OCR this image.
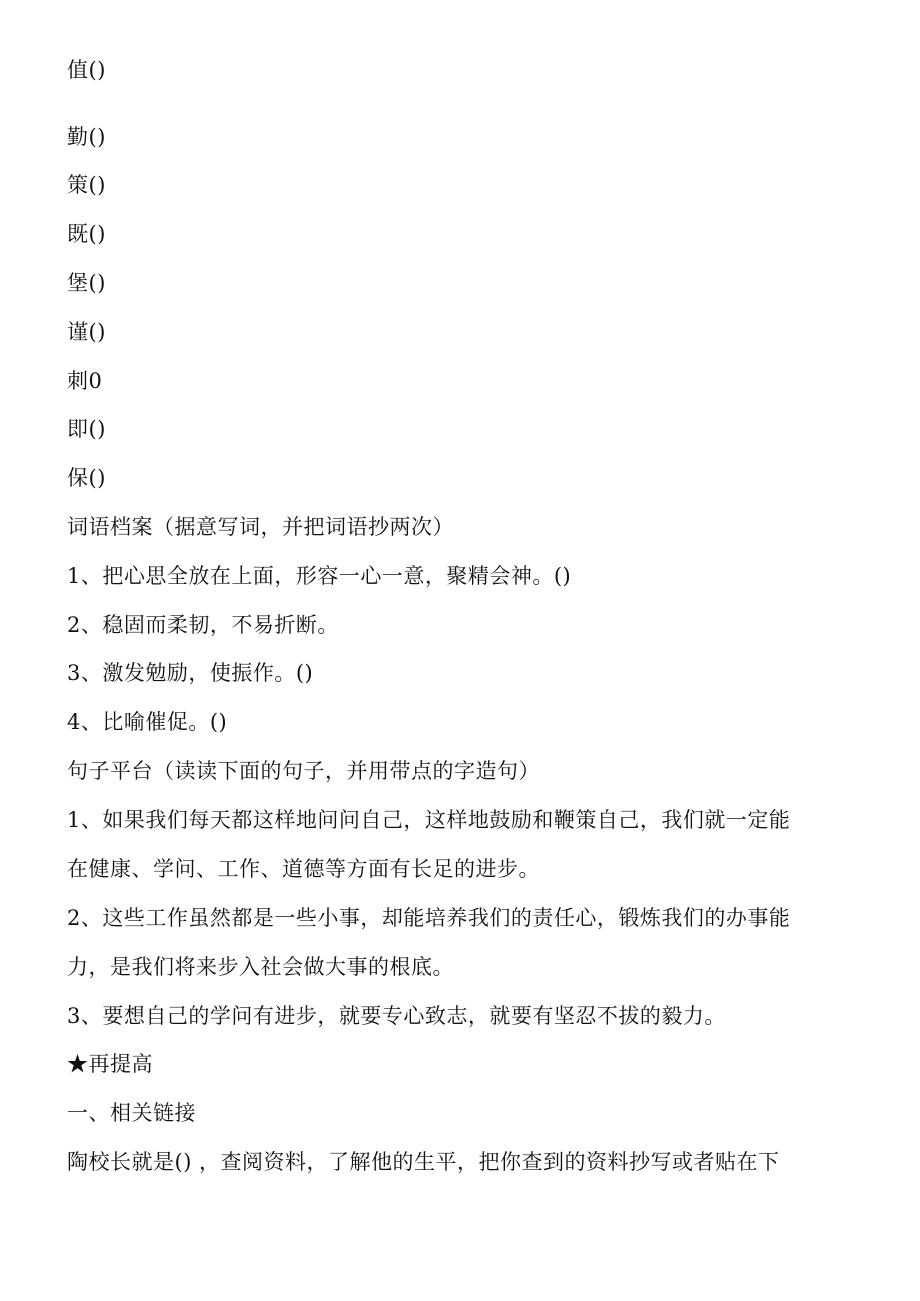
值()
勤()
策()
既()
堡()
谨()
刺0
即()
保()
词语档案（据意写词，并把词语抄两次）
1、把心思全放在上面，形容一心一意，聚精会神。()
2、稳固而柔韧，不易折断。
3、激发勉励，使振作。()
4、比喻催促。()
句子平台（读读下面的句子，并用带点的字造句）
1、如果我们每天都这样地问问自己，这样地鼓励和鞭策自己，我们就一定能
在健康、学问、工作、道德等方面有长足的进步。
2、这些工作虽然都是一些小事，却能培养我们的责任心，锻炼我们的办事能
力，是我们将来步入社会做大事的根底。
3、要想自己的学问有进步，就要专心致志，就要有坚忍不拔的毅力。
★再提高
一、相关链接
陶校长就是() ，查阅资料，了解他的生平，把你查到的资料抄写或者贴在下
